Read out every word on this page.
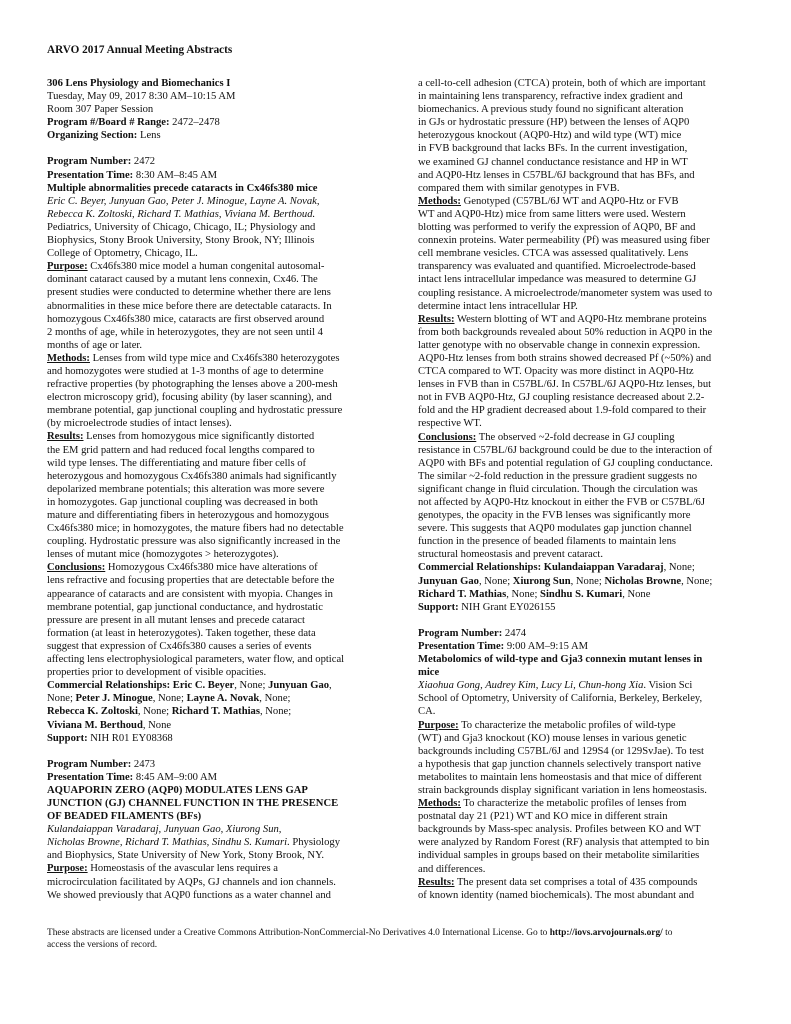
ARVO 2017 Annual Meeting Abstracts
306 Lens Physiology and Biomechanics I
Tuesday, May 09, 2017 8:30 AM–10:15 AM
Room 307 Paper Session
Program #/Board # Range: 2472–2478
Organizing Section: Lens
Program Number: 2472
Presentation Time: 8:30 AM–8:45 AM
Multiple abnormalities precede cataracts in Cx46fs380 mice
Eric C. Beyer, Junyuan Gao, Peter J. Minogue, Layne A. Novak,
Rebecca K. Zoltoski, Richard T. Mathias, Viviana M. Berthoud.
Pediatrics, University of Chicago, Chicago, IL; Physiology and
Biophysics, Stony Brook University, Stony Brook, NY; Illinois
College of Optometry, Chicago, IL.
Purpose: Cx46fs380 mice model a human congenital autosomal-
dominant cataract caused by a mutant lens connexin, Cx46. The
present studies were conducted to determine whether there are lens
abnormalities in these mice before there are detectable cataracts. In
homozygous Cx46fs380 mice, cataracts are first observed around
2 months of age, while in heterozygotes, they are not seen until 4
months of age or later.
Methods: Lenses from wild type mice and Cx46fs380 heterozygotes
and homozygotes were studied at 1-3 months of age to determine
refractive properties (by photographing the lenses above a 200-mesh
electron microscopy grid), focusing ability (by laser scanning), and
membrane potential, gap junctional coupling and hydrostatic pressure
(by microelectrode studies of intact lenses).
Results: Lenses from homozygous mice significantly distorted
the EM grid pattern and had reduced focal lengths compared to
wild type lenses. The differentiating and mature fiber cells of
heterozygous and homozygous Cx46fs380 animals had significantly
depolarized membrane potentials; this alteration was more severe
in homozygotes. Gap junctional coupling was decreased in both
mature and differentiating fibers in heterozygous and homozygous
Cx46fs380 mice; in homozygotes, the mature fibers had no detectable
coupling. Hydrostatic pressure was also significantly increased in the
lenses of mutant mice (homozygotes > heterozygotes).
Conclusions: Homozygous Cx46fs380 mice have alterations of
lens refractive and focusing properties that are detectable before the
appearance of cataracts and are consistent with myopia. Changes in
membrane potential, gap junctional conductance, and hydrostatic
pressure are present in all mutant lenses and precede cataract
formation (at least in heterozygotes). Taken together, these data
suggest that expression of Cx46fs380 causes a series of events
affecting lens electrophysiological parameters, water flow, and optical
properties prior to development of visible opacities.
Commercial Relationships: Eric C. Beyer, None; Junyuan Gao,
None; Peter J. Minogue, None; Layne A. Novak, None;
Rebecca K. Zoltoski, None; Richard T. Mathias, None;
Viviana M. Berthoud, None
Support: NIH R01 EY08368
Program Number: 2473
Presentation Time: 8:45 AM–9:00 AM
AQUAPORIN ZERO (AQP0) MODULATES LENS GAP
JUNCTION (GJ) CHANNEL FUNCTION IN THE PRESENCE
OF BEADED FILAMENTS (BFs)
Kulandaiappan Varadaraj, Junyuan Gao, Xiurong Sun,
Nicholas Browne, Richard T. Mathias, Sindhu S. Kumari. Physiology
and Biophysics, State University of New York, Stony Brook, NY.
Purpose: Homeostasis of the avascular lens requires a
microcirculation facilitated by AQPs, GJ channels and ion channels.
We showed previously that AQP0 functions as a water channel and
a cell-to-cell adhesion (CTCA) protein, both of which are important
in maintaining lens transparency, refractive index gradient and
biomechanics. A previous study found no significant alteration
in GJs or hydrostatic pressure (HP) between the lenses of AQP0
heterozygous knockout (AQP0-Htz) and wild type (WT) mice
in FVB background that lacks BFs. In the current investigation,
we examined GJ channel conductance resistance and HP in WT
and AQP0-Htz lenses in C57BL/6J background that has BFs, and
compared them with similar genotypes in FVB.
Methods: Genotyped (C57BL/6J WT and AQP0-Htz or FVB
WT and AQP0-Htz) mice from same litters were used. Western
blotting was performed to verify the expression of AQP0, BF and
connexin proteins. Water permeability (Pf) was measured using fiber
cell membrane vesicles. CTCA was assessed qualitatively. Lens
transparency was evaluated and quantified. Microelectrode-based
intact lens intracellular impedance was measured to determine GJ
coupling resistance. A microelectrode/manometer system was used to
determine intact lens intracellular HP.
Results: Western blotting of WT and AQP0-Htz membrane proteins
from both backgrounds revealed about 50% reduction in AQP0 in the
latter genotype with no observable change in connexin expression.
AQP0-Htz lenses from both strains showed decreased Pf (~50%) and
CTCA compared to WT. Opacity was more distinct in AQP0-Htz
lenses in FVB than in C57BL/6J. In C57BL/6J AQP0-Htz lenses, but
not in FVB AQP0-Htz, GJ coupling resistance decreased about 2.2-
fold and the HP gradient decreased about 1.9-fold compared to their
respective WT.
Conclusions: The observed ~2-fold decrease in GJ coupling
resistance in C57BL/6J background could be due to the interaction of
AQP0 with BFs and potential regulation of GJ coupling conductance.
The similar ~2-fold reduction in the pressure gradient suggests no
significant change in fluid circulation. Though the circulation was
not affected by AQP0-Htz knockout in either the FVB or C57BL/6J
genotypes, the opacity in the FVB lenses was significantly more
severe. This suggests that AQP0 modulates gap junction channel
function in the presence of beaded filaments to maintain lens
structural homeostasis and prevent cataract.
Commercial Relationships: Kulandaiappan Varadaraj, None;
Junyuan Gao, None; Xiurong Sun, None; Nicholas Browne, None;
Richard T. Mathias, None; Sindhu S. Kumari, None
Support: NIH Grant EY026155
Program Number: 2474
Presentation Time: 9:00 AM–9:15 AM
Metabolomics of wild-type and Gja3 connexin mutant lenses in
mice
Xiaohua Gong, Audrey Kim, Lucy Li, Chun-hong Xia. Vision Sci
School of Optometry, University of California, Berkeley, Berkeley,
CA.
Purpose: To characterize the metabolic profiles of wild-type
(WT) and Gja3 knockout (KO) mouse lenses in various genetic
backgrounds including C57BL/6J and 129S4 (or 129SvJae). To test
a hypothesis that gap junction channels selectively transport native
metabolites to maintain lens homeostasis and that mice of different
strain backgrounds display significant variation in lens homeostasis.
Methods: To characterize the metabolic profiles of lenses from
postnatal day 21 (P21) WT and KO mice in different strain
backgrounds by Mass-spec analysis. Profiles between KO and WT
were analyzed by Random Forest (RF) analysis that attempted to bin
individual samples in groups based on their metabolite similarities
and differences.
Results: The present data set comprises a total of 435 compounds
of known identity (named biochemicals). The most abundant and
These abstracts are licensed under a Creative Commons Attribution-NonCommercial-No Derivatives 4.0 International License. Go to http://iovs.arvojournals.org/ to
access the versions of record.
